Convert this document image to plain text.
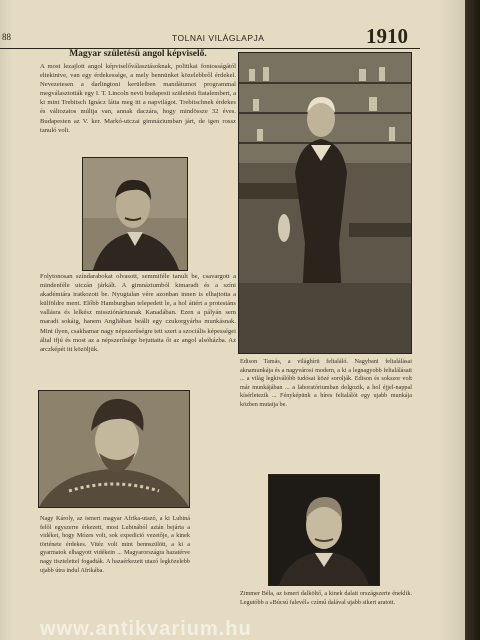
88	TOLNAI VILÁGLAPJA	1910
Magyar születésü angol képviselő.

A most lezajlott angol képviselőválasztásoknak, politikai fontosságától eltekintve, van egy érdekessége, a mely bennünket közelebbről érdekel. Nevezetesen a darlingtoni kerületben mandátumot programmal megválasztották egy I. T. Lincoln nevü budapesti születésü fiatalembert, a ki mint Trebitsch Ignácz látta meg itt a napvilágot. Trebitschnek érdekes és változatos múltja van, annak daczára, hogy mindössze 32 éves. Budapesten az V. ker. Markó-utczai gimnáziumban járt, de igen rossz tanuló volt.

Folytonosan színdarabokat olvasott, semmiféle tanult be, csavargott a mindenféle utczán járkált. A gimnáziumból kimaradt és a színi akadémiára iratkozott be. Nyugtalan vére azonban innen is elhajtotta a külföldre ment. Előbb Hamburgban telepedett le, a hol áttért a protestáns vallásra és lelkész missziónáriusnak Kanadában. Ezen a pályán sem maradt sokáig, hanem Angliában beállt egy czukorgyárba munkásnak. Mint ilyen, csakhamar nagy népszerűségre tett szert a szociális képességei által ifjú és most az a népszerűsége bejuttatta őt az angol alsóházba. Az arczképét itt közöljük.

Nagy Károly, az ismert magyar Afrika-utazó, a ki Lubiná felől egyszerre érkezett, most Lubinából aztán bejárta a vidéket, hogy Mózes volt, sok expedició vezetője, a kinek története érdekes. Vitéz volt mint bennszülött, a ki a gyarmatok elhagyott vidékein ... Magyarországra hazatérve nagy tisztelettel fogadták. A hazaérkezett utazó legközelebb ujabb útra indul Afrikába.

Edison Tamás, a világhírü feltaláló. Nagybani feltalálásai aknamunkája és a nagyvárosi modern, a ki a legnagyobb feltalálásait ... a világ legkiválóbb tudósai közé sorolják. Edison és sokszor volt már munkájában ... a laboratóriumban dolgozik, a hol éjjel-nappal kísérletezik ... Fényképünk a híres feltalálót egy ujabb munkája közben mutatja be.

Zimmer Béla, az ismert dalköltő, a kinek dalait országszerte éneklik. Legutóbb a »Búcsú falevél« czímű dalával ujabb sikert aratott.

www.antikvarium.hu
